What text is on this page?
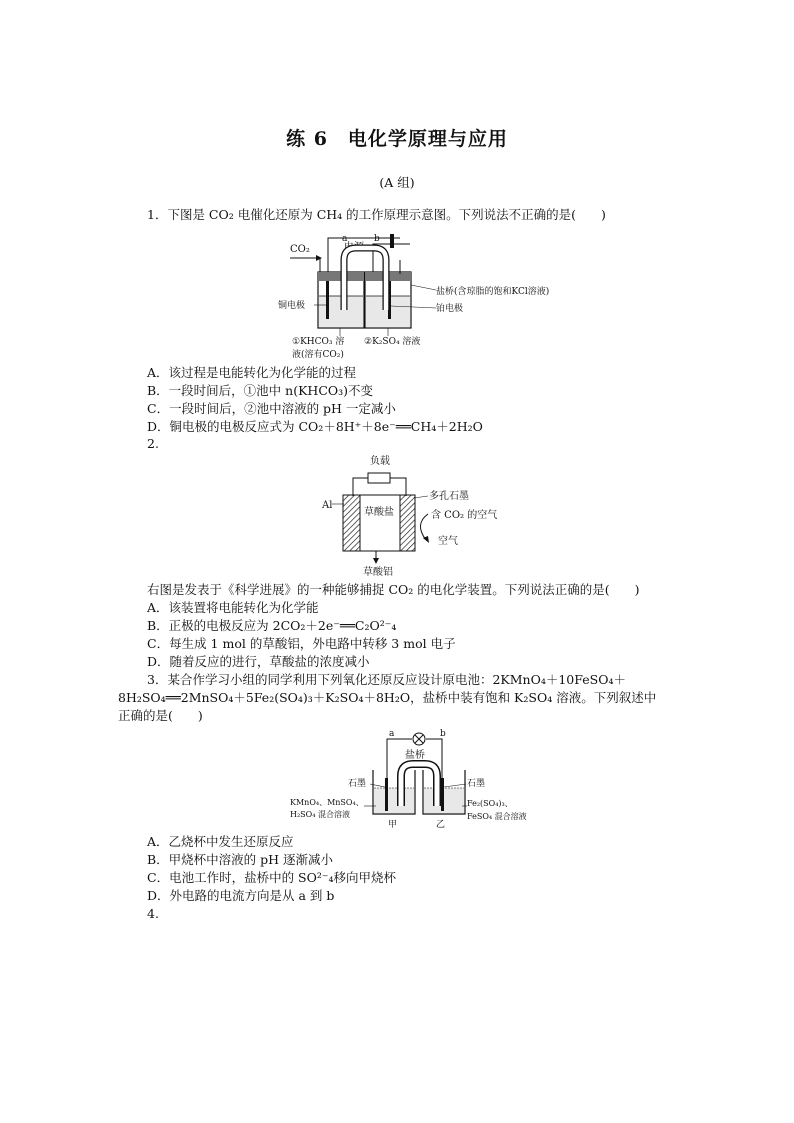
练 6　电化学原理与应用
(A 组)
1．下图是 CO₂ 电催化还原为 CH₄ 的工作原理示意图。下列说法不正确的是(　　)
a	b
电源
CO₂
盐桥(含琼脂的饱和KCl溶液)
铂电极
铜电极
①KHCO₃ 溶
液(溶有CO₂)
②K₂SO₄ 溶液
A．该过程是电能转化为化学能的过程
B．一段时间后，①池中 n(KHCO₃)不变
C．一段时间后，②池中溶液的 pH 一定减小
D．铜电极的电极反应式为 CO₂＋8H⁺＋8e⁻══CH₄＋2H₂O
2.
负载
Al
草酸盐
多孔石墨
含 CO₂ 的空气
空气
草酸铝
右图是发表于《科学进展》的一种能够捕捉 CO₂ 的电化学装置。下列说法正确的是(　　)
A．该装置将电能转化为化学能
B．正极的电极反应为 2CO₂＋2e⁻══C₂O²⁻₄
C．每生成 1 mol 的草酸铝，外电路中转移 3 mol 电子
D．随着反应的进行，草酸盐的浓度减小
3．某合作学习小组的同学利用下列氧化还原反应设计原电池：2KMnO₄＋10FeSO₄＋
8H₂SO₄══2MnSO₄＋5Fe₂(SO₄)₃＋K₂SO₄＋8H₂O，盐桥中装有饱和 K₂SO₄ 溶液。下列叙述中
正确的是(　　)
a	b
盐桥
石墨	石墨
KMnO₄、MnSO₄、
H₂SO₄ 混合溶液
Fe₂(SO₄)₃、
FeSO₄ 混合溶液
甲	乙
A．乙烧杯中发生还原反应
B．甲烧杯中溶液的 pH 逐渐减小
C．电池工作时，盐桥中的 SO²⁻₄移向甲烧杯
D．外电路的电流方向是从 a 到 b
4.
